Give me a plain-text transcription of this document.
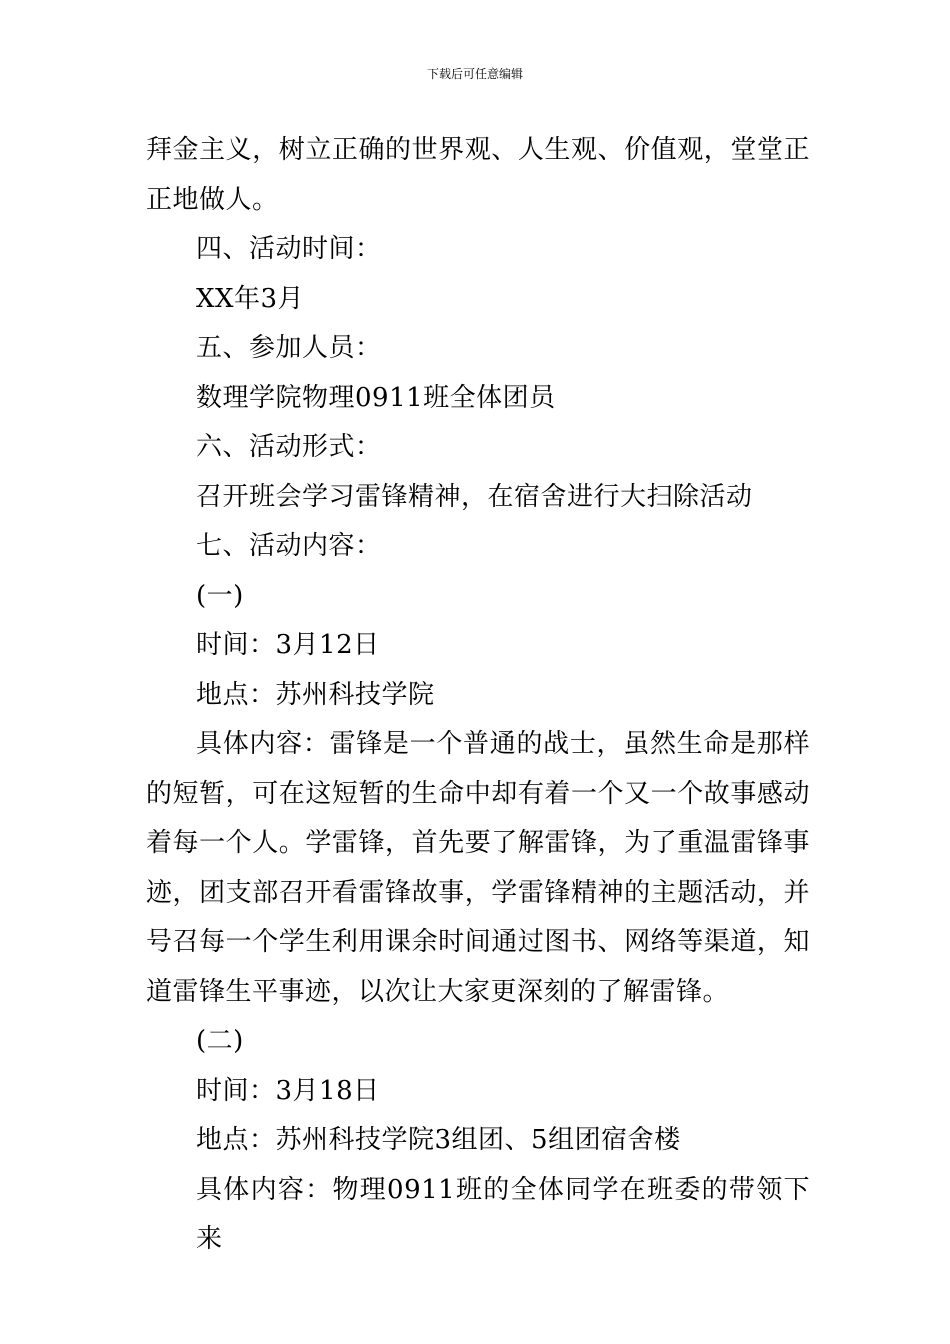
下载后可任意编辑
拜金主义，树立正确的世界观、人生观、价值观，堂堂正
正地做人。
四、活动时间：
XX年3月
五、参加人员：
数理学院物理0911班全体团员
六、活动形式：
召开班会学习雷锋精神，在宿舍进行大扫除活动
七、活动内容：
(一)
时间：3月12日
地点：苏州科技学院
具体内容：雷锋是一个普通的战士，虽然生命是那样
的短暂，可在这短暂的生命中却有着一个又一个故事感动
着每一个人。学雷锋，首先要了解雷锋，为了重温雷锋事
迹，团支部召开看雷锋故事，学雷锋精神的主题活动，并
号召每一个学生利用课余时间通过图书、网络等渠道，知
道雷锋生平事迹，以次让大家更深刻的了解雷锋。
(二)
时间：3月18日
地点：苏州科技学院3组团、5组团宿舍楼
具体内容：物理0911班的全体同学在班委的带领下来
